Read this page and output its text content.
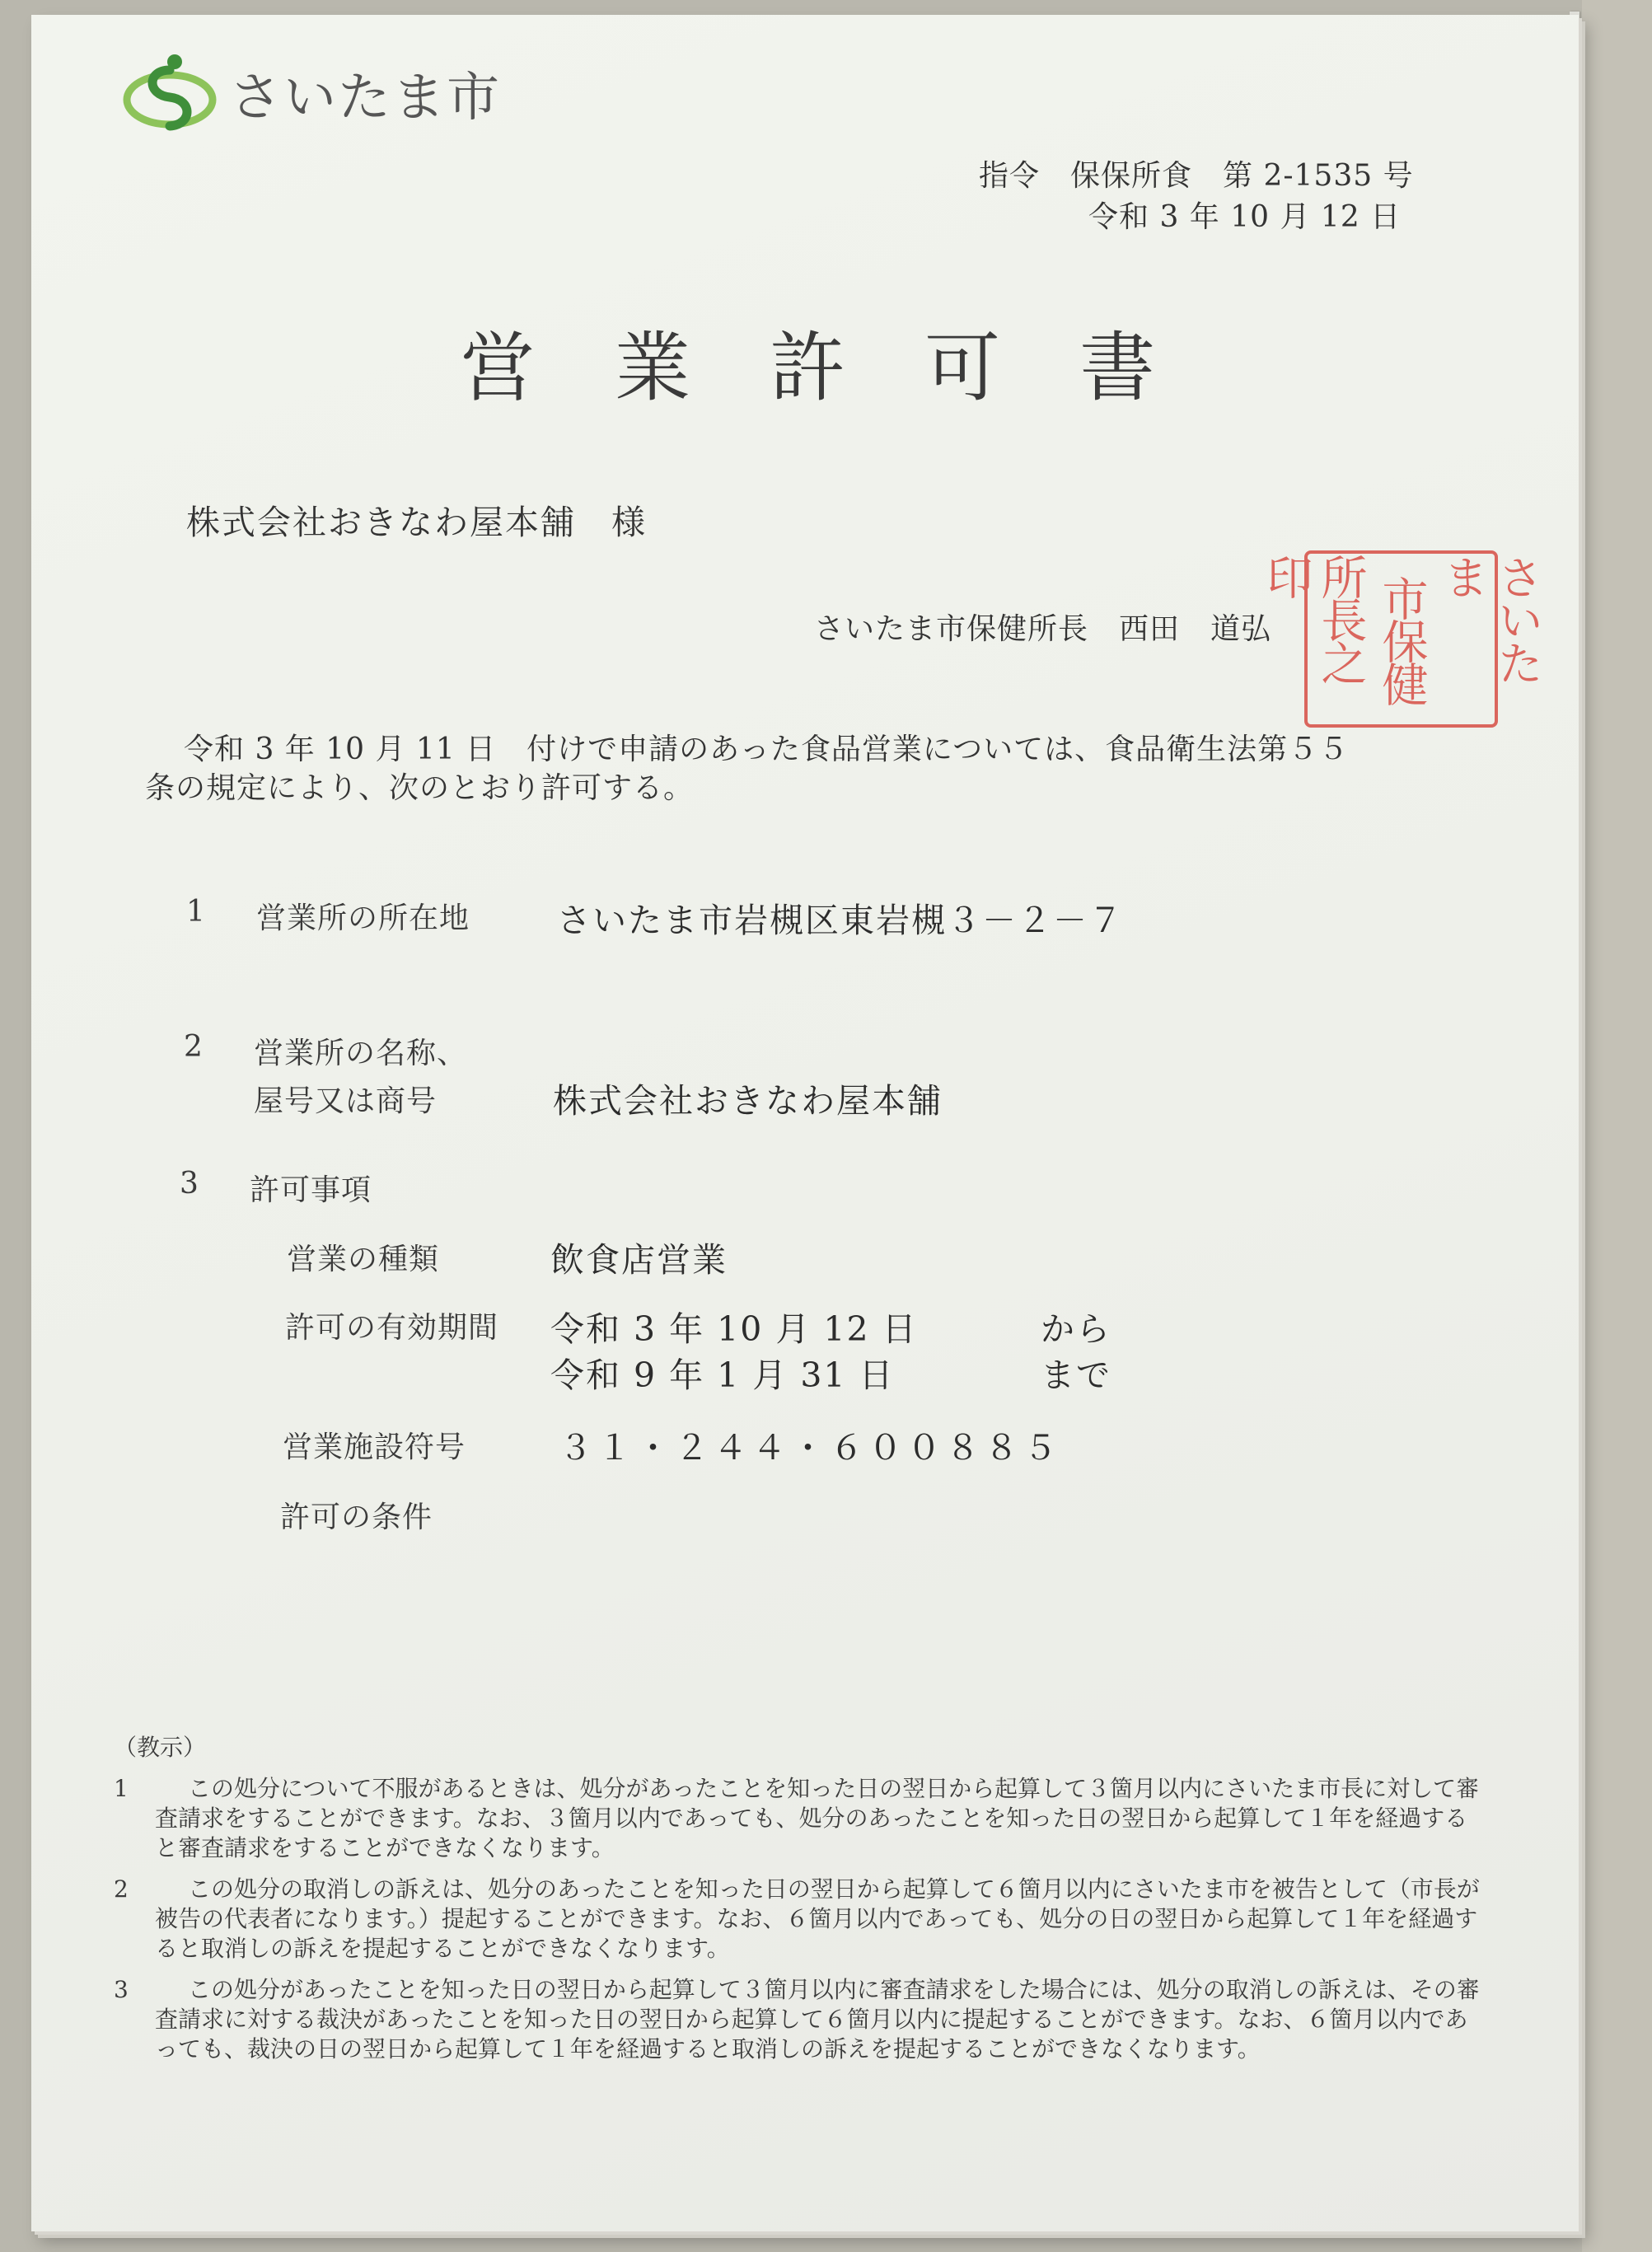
さいたま市
指令　保保所食　第 2-1535 号
令和 3 年 10 月 12 日
営 業 許 可 書
株式会社おきなわ屋本舗　様
さいたま市保健所長　西田　道弘	さいたま
市保健
所長之印
令和 3 年 10 月 11 日　付けで申請のあった食品営業については、食品衛生法第５５
条の規定により、次のとおり許可する。
1 営業所の所在地	さいたま市岩槻区東岩槻３－２－７
2 営業所の名称、
屋号又は商号	株式会社おきなわ屋本舗
3 許可事項
営業の種類	飲食店営業
許可の有効期間 令和 3 年 10 月 12 日	から
令和 9 年 1 月 31 日	まで
営業施設符号	３１・２４４・６００８８５
許可の条件
（教示）
1	この処分について不服があるときは、処分があったことを知った日の翌日から起算して３箇月以内にさいたま市長に対して審査請求をすることができます。なお、３箇月以内であっても、処分のあったことを知った日の翌日から起算して１年を経過すると審査請求をすることができなくなります。
2	この処分の取消しの訴えは、処分のあったことを知った日の翌日から起算して６箇月以内にさいたま市を被告として（市長が被告の代表者になります。）提起することができます。なお、６箇月以内であっても、処分の日の翌日から起算して１年を経過すると取消しの訴えを提起することができなくなります。
3	この処分があったことを知った日の翌日から起算して３箇月以内に審査請求をした場合には、処分の取消しの訴えは、その審査請求に対する裁決があったことを知った日の翌日から起算して６箇月以内に提起することができます。なお、６箇月以内であっても、裁決の日の翌日から起算して１年を経過すると取消しの訴えを提起することができなくなります。
